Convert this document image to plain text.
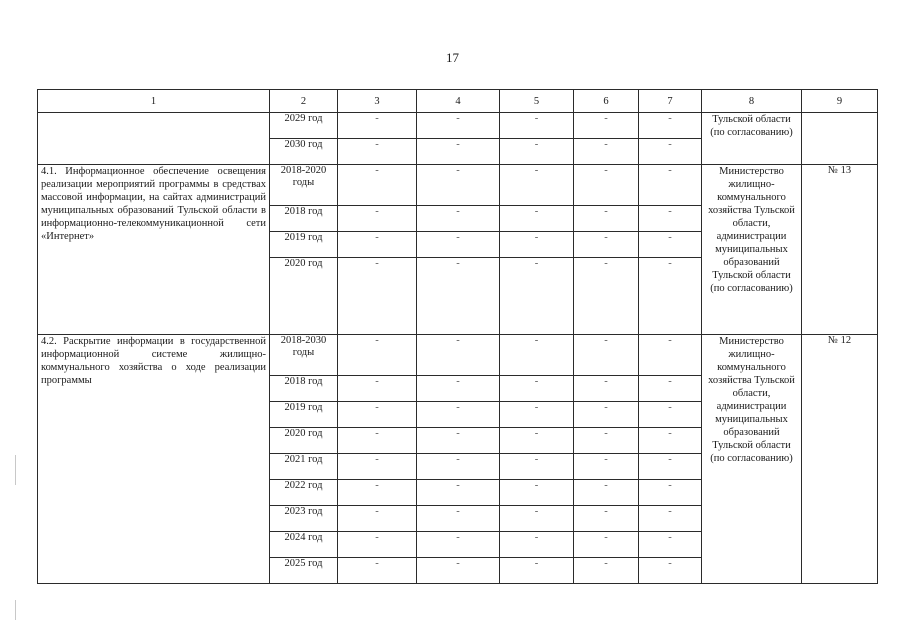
17
1	2	3	4	5	6	7	8	9
	2029 год	-	-	-	-	-	Тульской области (по согласованию)	
	2030 год	-	-	-	-	-		
4.1. Информационное обеспечение освещения реализации мероприятий программы в средствах массовой информации, на сайтах администраций муниципальных образований Тульской области в информационно-телекоммуникационной сети «Интернет»	2018-2020 годы	-	-	-	-	-	Министерство жилищно-коммунального хозяйства Тульской области, администрации муниципальных образований Тульской области (по согласованию)	№ 13
	2018 год	-	-	-	-	-		
	2019 год	-	-	-	-	-		
	2020 год	-	-	-	-	-		
4.2. Раскрытие информации в государственной информационной системе жилищно-коммунального хозяйства о ходе реализации программы	2018-2030 годы	-	-	-	-	-	Министерство жилищно-коммунального хозяйства Тульской области, администрации муниципальных образований Тульской области (по согласованию)	№ 12
	2018 год	-	-	-	-	-		
	2019 год	-	-	-	-	-		
	2020 год	-	-	-	-	-		
	2021 год	-	-	-	-	-		
	2022 год	-	-	-	-	-		
	2023 год	-	-	-	-	-		
	2024 год	-	-	-	-	-		
	2025 год	-	-	-	-	-		
